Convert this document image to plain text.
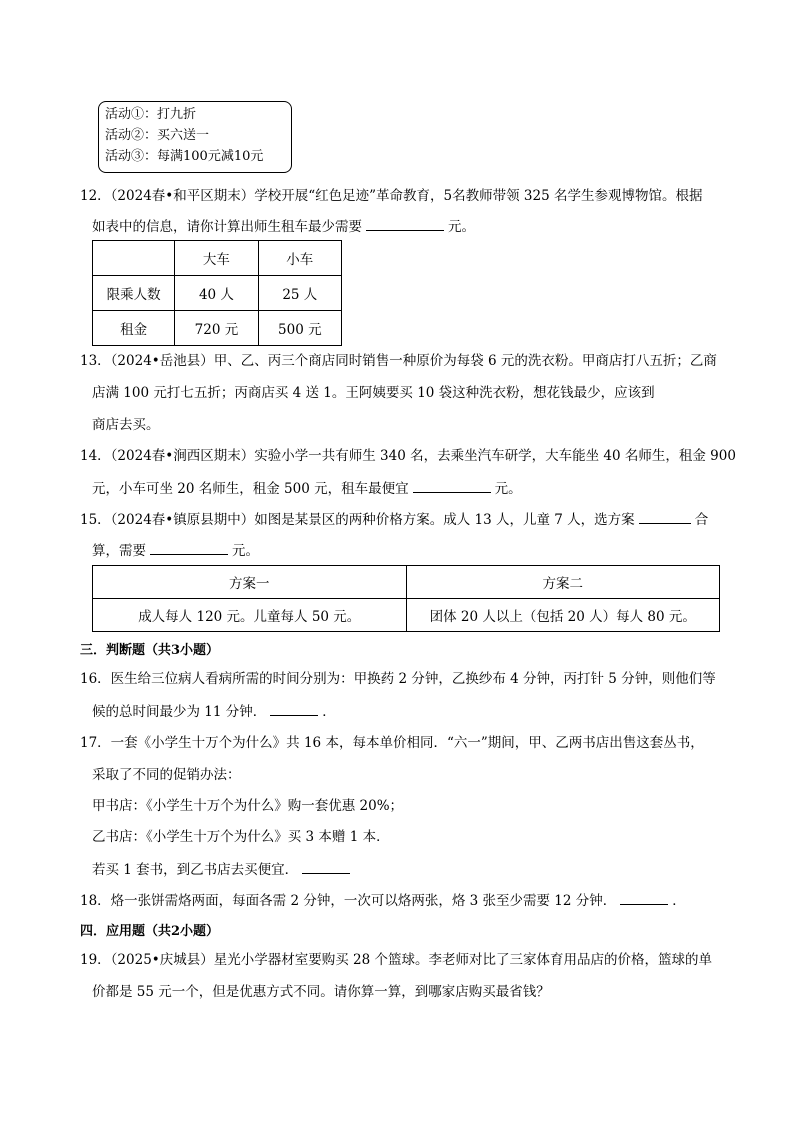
活动①：打九折
活动②：买六送一
活动③：每满100元减10元
12．（2024春•和平区期末）学校开展“红色足迹”革命教育，5名教师带领 325 名学生参观博物馆。根据
如表中的信息，请你计算出师生租车最少需要	元。
	大车	小车
限乘人数	40 人	25 人
租金	720 元	500 元
13．（2024•岳池县）甲、乙、丙三个商店同时销售一种原价为每袋 6 元的洗衣粉。甲商店打八五折；乙商
店满 100 元打七五折；丙商店买 4 送 1。王阿姨要买 10 袋这种洗衣粉，想花钱最少，应该到
商店去买。
14．（2024春•涧西区期末）实验小学一共有师生 340 名，去乘坐汽车研学，大车能坐 40 名师生，租金 900
元，小车可坐 20 名师生，租金 500 元，租车最便宜	元。
15．（2024春•镇原县期中）如图是某景区的两种价格方案。成人 13 人，儿童 7 人，选方案	合
算，需要	元。
方案一	方案二
成人每人 120 元。儿童每人 50 元。	团体 20 人以上（包括 20 人）每人 80 元。
三．判断题（共3小题）
16．医生给三位病人看病所需的时间分别为：甲换药 2 分钟，乙换纱布 4 分钟，丙打针 5 分钟，则他们等
候的总时间最少为 11 分钟．	．
17．一套《小学生十万个为什么》共 16 本，每本单价相同．“六一”期间，甲、乙两书店出售这套丛书，
采取了不同的促销办法：
甲书店：《小学生十万个为什么》购一套优惠 20%；
乙书店：《小学生十万个为什么》买 3 本赠 1 本．
若买 1 套书，到乙书店去买便宜．
18．烙一张饼需烙两面，每面各需 2 分钟，一次可以烙两张，烙 3 张至少需要 12 分钟．	．
四．应用题（共2小题）
19．（2025•庆城县）星光小学器材室要购买 28 个篮球。李老师对比了三家体育用品店的价格，篮球的单
价都是 55 元一个，但是优惠方式不同。请你算一算，到哪家店购买最省钱？
